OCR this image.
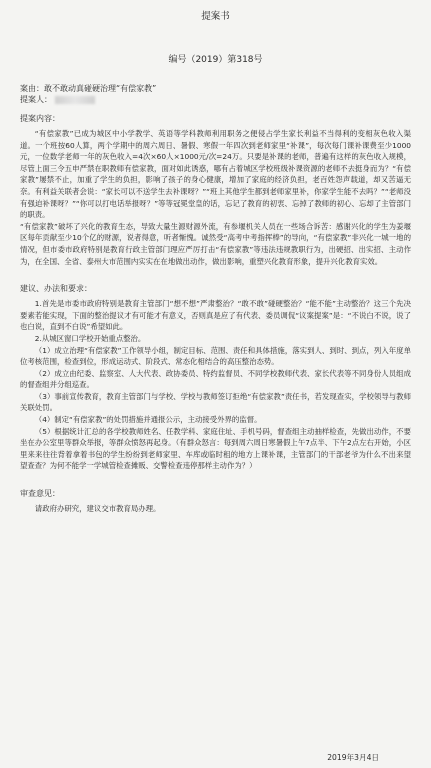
提案书
编号（2019）第318号
案由：敢不敢动真碰硬治理“有偿家教”
提案人：
提案内容：

“有偿家教”已成为城区中小学教学、英语等学科教师利用职务之便侵占学生家长利益不当得利的变相灰色收入渠道。一个班按60人算，两个学期中的周六周日、暑假、寒假一年四次到老师家里“补课”，每次每门课补课费至少1000元，一位数学老师一年的灰色收入=4次×60人×1000元/次=24万。只要是补课的老师，普遍有这样的灰色收入规模，尽管上面三令五申严禁在职教师有偿家教，面对如此诱惑，哪有占着城区学校班级补课资源的老师不去挺身而为？“有偿家教”屡禁不止，加重了学生的负担，影响了孩子的身心健康，增加了家庭的经济负担，老百姓怨声载道，却又苦逼无奈。有利益关联者会说：“家长可以不送学生去补课呀？”“班上其他学生都到老师家里补，你家学生能不去吗？”“老师没有强迫补课呀？”“你可以打电话举报呀？”等等冠冕堂皇的话，忘记了教育的初衷、忘掉了教师的初心、忘却了主管部门的职责。

“有偿家教”破坏了兴化的教育生态，导致大量生源财源外流，有参堰机关人员在一些场合诉苦：感谢兴化的学生为姜堰区每年贡献至少10个亿的财源，说者得意，听者惭愧。诚然受“高考中考指挥棒”的导向，“有偿家教”非兴化一城一地的情况，但市委市政府特别是教育行政主管部门理应严厉打击“有偿家教”等违法违规教职行为，出硬招、出实招、主动作为，在全国、全省、泰州大市范围内实实在在地做出动作，做出影响，重塑兴化教育形象，提升兴化教育实效。

建议、办法和要求：

1.首先是市委市政府特别是教育主管部门“想不想”严肃整治？“敢不敢”碰硬整治？“能不能”主动整治？这三个先决要素若能实现，下面的整治提议才有可能才有意义，否则真是应了有代表、委员调侃“议案提案”是：“不说白不说，说了也白说，直到不白说”希望如此。

2.从城区窗口学校开始重点整治。

（1）成立治理“有偿家教”工作领导小组，制定目标、范围、责任和具体措施，落实到人、到时、到点，列入年度单位考核范围，检查到位，形成运动式、阶段式、常态化相结合的高压整治态势。

（2）成立由纪委、监察室、人大代表、政协委员、特约监督员、不同学校教师代表、家长代表等不同身份人员组成的督查组并分组巡查。

（3）事前宣传教育，教育主管部门与学校、学校与教师签订拒绝“有偿家教”责任书，若发现查实，学校领导与教师关联处罚。

（4）制定“有偿家教”的处罚措施并通报公示，主动接受外界的监督。

（5）根据统计汇总的各学校教师姓名、任教学科、家庭住址、手机号码，督查组主动抽样检查，先做出动作，不要坐在办公室里等群众举报，等群众愤怒再起身。（有群众怒言：每到周六周日寒暑假上午7点半、下午2点左右开始，小区里来来往往背着拿着书包的学生纷纷到老师家里、车库或临时租的地方上课补课，主管部门的干部老爷为什么不出来望望查查？为何不能学一学城管检查摊贩、交警检查违停那样主动作为？）

审查意见：

请政府办研究，建议交市教育局办理。

2019年3月4日
